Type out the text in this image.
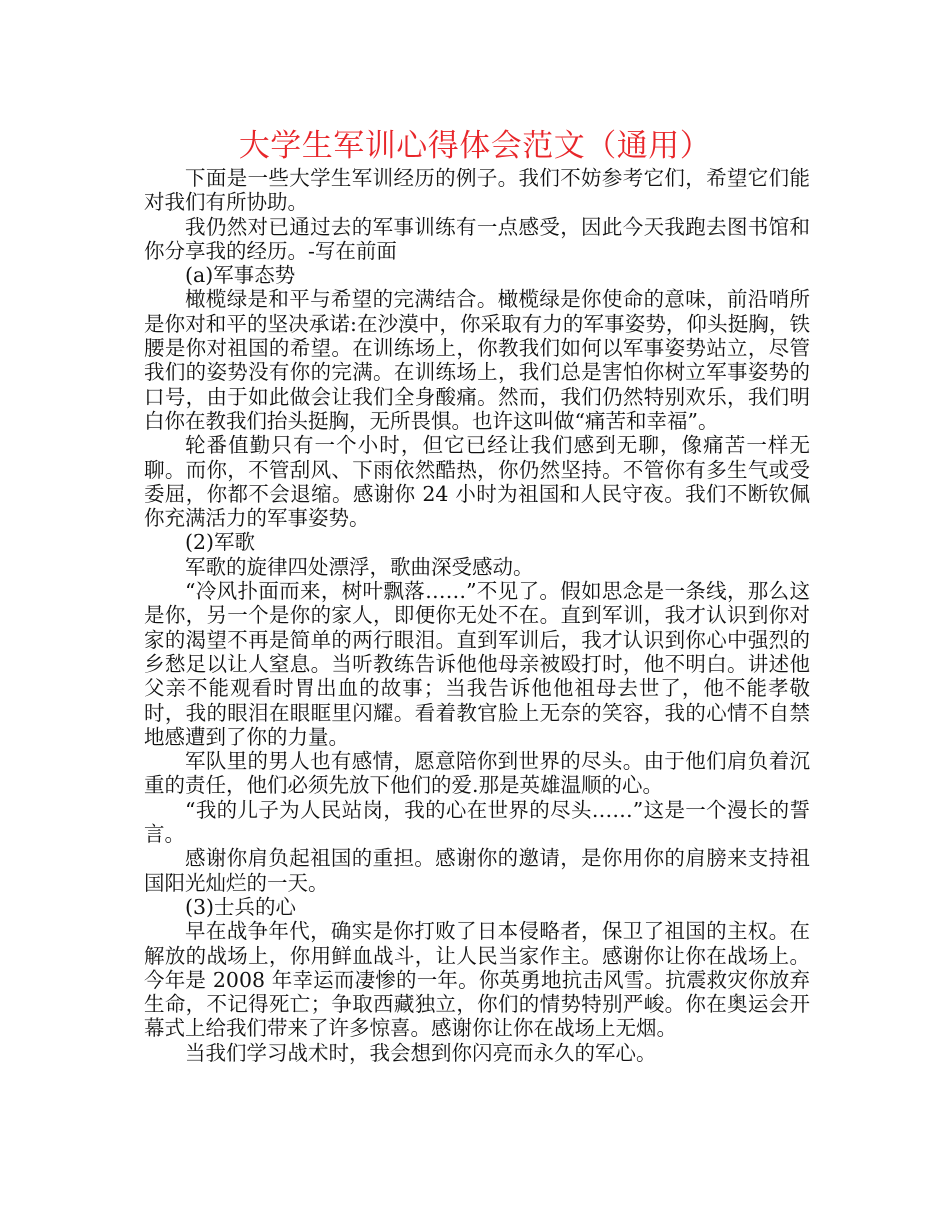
大学生军训心得体会范文（通用）

下面是一些大学生军训经历的例子。我们不妨参考它们，希望它们能对我们有所协助。

我仍然对已通过去的军事训练有一点感受，因此今天我跑去图书馆和你分享我的经历。-写在前面

(a)军事态势

橄榄绿是和平与希望的完满结合。橄榄绿是你使命的意味，前沿哨所是你对和平的坚决承诺:在沙漠中，你采取有力的军事姿势，仰头挺胸，铁腰是你对祖国的希望。在训练场上，你教我们如何以军事姿势站立，尽管我们的姿势没有你的完满。在训练场上，我们总是害怕你树立军事姿势的口号，由于如此做会让我们全身酸痛。然而，我们仍然特别欢乐，我们明白你在教我们抬头挺胸，无所畏惧。也许这叫做“痛苦和幸福”。

轮番值勤只有一个小时，但它已经让我们感到无聊，像痛苦一样无聊。而你，不管刮风、下雨依然酷热，你仍然坚持。不管你有多生气或受委屈，你都不会退缩。感谢你 24 小时为祖国和人民守夜。我们不断钦佩你充满活力的军事姿势。

(2)军歌

军歌的旋律四处漂浮，歌曲深受感动。

“冷风扑面而来，树叶飘落……”不见了。假如思念是一条线，那么这是你，另一个是你的家人，即便你无处不在。直到军训，我才认识到你对家的渴望不再是简单的两行眼泪。直到军训后，我才认识到你心中强烈的乡愁足以让人窒息。当听教练告诉他他母亲被殴打时，他不明白。讲述他父亲不能观看时胃出血的故事；当我告诉他他祖母去世了，他不能孝敬时，我的眼泪在眼眶里闪耀。看着教官脸上无奈的笑容，我的心情不自禁地感遭到了你的力量。

军队里的男人也有感情，愿意陪你到世界的尽头。由于他们肩负着沉重的责任，他们必须先放下他们的爱.那是英雄温顺的心。

“我的儿子为人民站岗，我的心在世界的尽头……”这是一个漫长的誓言。

感谢你肩负起祖国的重担。感谢你的邀请，是你用你的肩膀来支持祖国阳光灿烂的一天。

(3)士兵的心

早在战争年代，确实是你打败了日本侵略者，保卫了祖国的主权。在解放的战场上，你用鲜血战斗，让人民当家作主。感谢你让你在战场上。今年是 2008 年幸运而凄惨的一年。你英勇地抗击风雪。抗震救灾你放弃生命，不记得死亡；争取西藏独立，你们的情势特别严峻。你在奥运会开幕式上给我们带来了许多惊喜。感谢你让你在战场上无烟。

当我们学习战术时，我会想到你闪亮而永久的军心。
